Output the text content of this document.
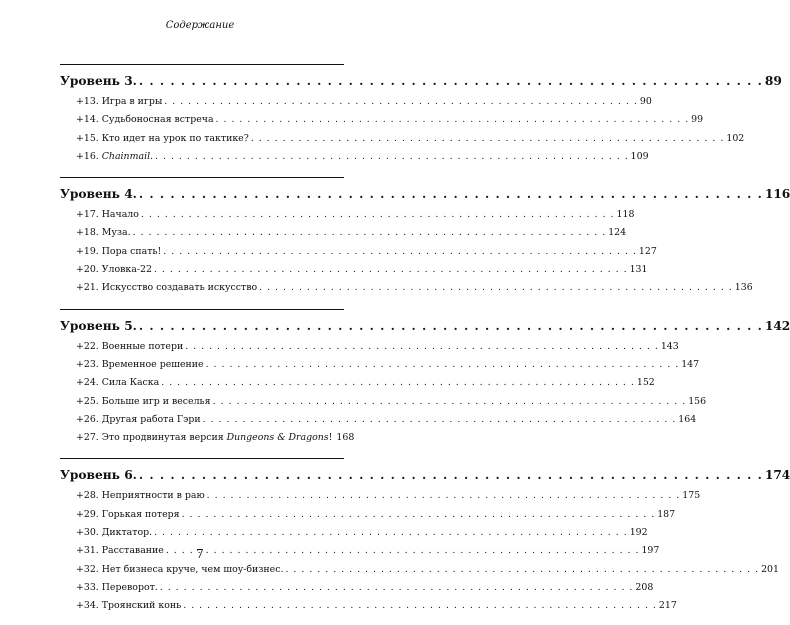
Содержание
Уровень 3. . . .	89
+13. Игра в игры . . .	90
+14. Судьбоносная встреча . . .	99
+15. Кто идет на урок по тактике? . . .	102
+16. Chainmail. . . .	109
Уровень 4. . . .	116
+17. Начало . . .	118
+18. Муза. . . .	124
+19. Пора спать! . . .	127
+20. Уловка-22 . . .	131
+21. Искусство создавать искусство . . .	136
Уровень 5. . . .	142
+22. Военные потери . . .	143
+23. Временное решение . . .	147
+24. Сила Каска . . .	152
+25. Больше игр и веселья . . .	156
+26. Другая работа Гэри . . .	164
+27. Это продвинутая версия Dungeons & Dragons! 168
Уровень 6. . . .	174
+28. Неприятности в раю . . .	175
+29. Горькая потеря . . .	187
+30. Диктатор. . . .	192
+31. Расставание . . .	197
+32. Нет бизнеса круче, чем шоу-бизнес. . . .	201
+33. Переворот. . . .	208
+34. Троянский конь . . .	217
7
